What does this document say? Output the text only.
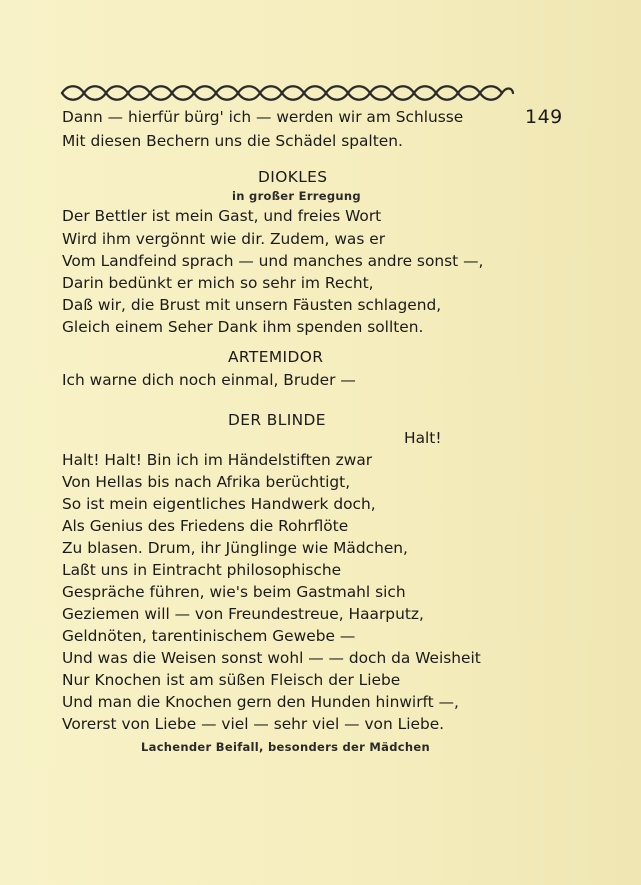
149
Dann — hierfür bürg' ich — werden wir am Schlusse
Mit diesen Bechern uns die Schädel spalten.
DIOKLES
in großer Erregung
Der Bettler ist mein Gast, und freies Wort
Wird ihm vergönnt wie dir. Zudem, was er
Vom Landfeind sprach — und manches andre sonst —,
Darin bedünkt er mich so sehr im Recht,
Daß wir, die Brust mit unsern Fäusten schlagend,
Gleich einem Seher Dank ihm spenden sollten.
ARTEMIDOR
Ich warne dich noch einmal, Bruder —
DER BLINDE
Halt!
Halt! Halt! Bin ich im Händelstiften zwar
Von Hellas bis nach Afrika berüchtigt,
So ist mein eigentliches Handwerk doch,
Als Genius des Friedens die Rohrflöte
Zu blasen. Drum, ihr Jünglinge wie Mädchen,
Laßt uns in Eintracht philosophische
Gespräche führen, wie's beim Gastmahl sich
Geziemen will — von Freundestreue, Haarputz,
Geldnöten, tarentinischem Gewebe —
Und was die Weisen sonst wohl — — doch da Weisheit
Nur Knochen ist am süßen Fleisch der Liebe
Und man die Knochen gern den Hunden hinwirft —,
Vorerst von Liebe — viel — sehr viel — von Liebe.
Lachender Beifall, besonders der Mädchen
